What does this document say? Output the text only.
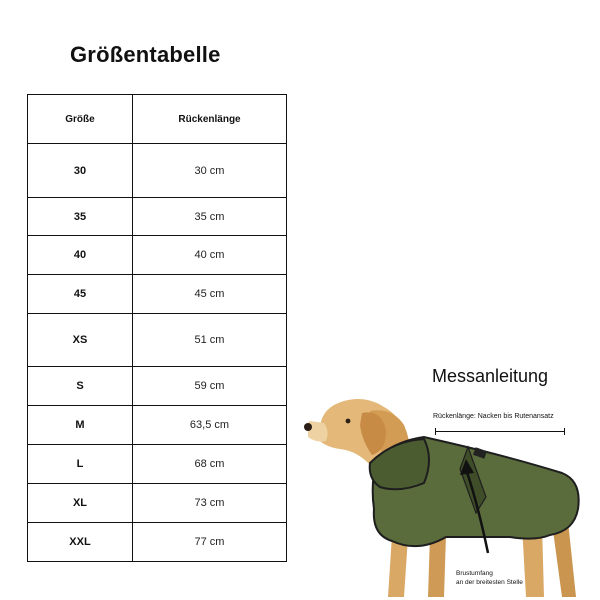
Größentabelle
Größe	Rückenlänge
30	30 cm
35	35 cm
40	40 cm
45	45 cm
XS	51 cm
S	59 cm
M	63,5 cm
L	68 cm
XL	73 cm
XXL	77 cm
Messanleitung
Rückenlänge: Nacken bis Rutenansatz
Brustumfang
an der breitesten Stelle
